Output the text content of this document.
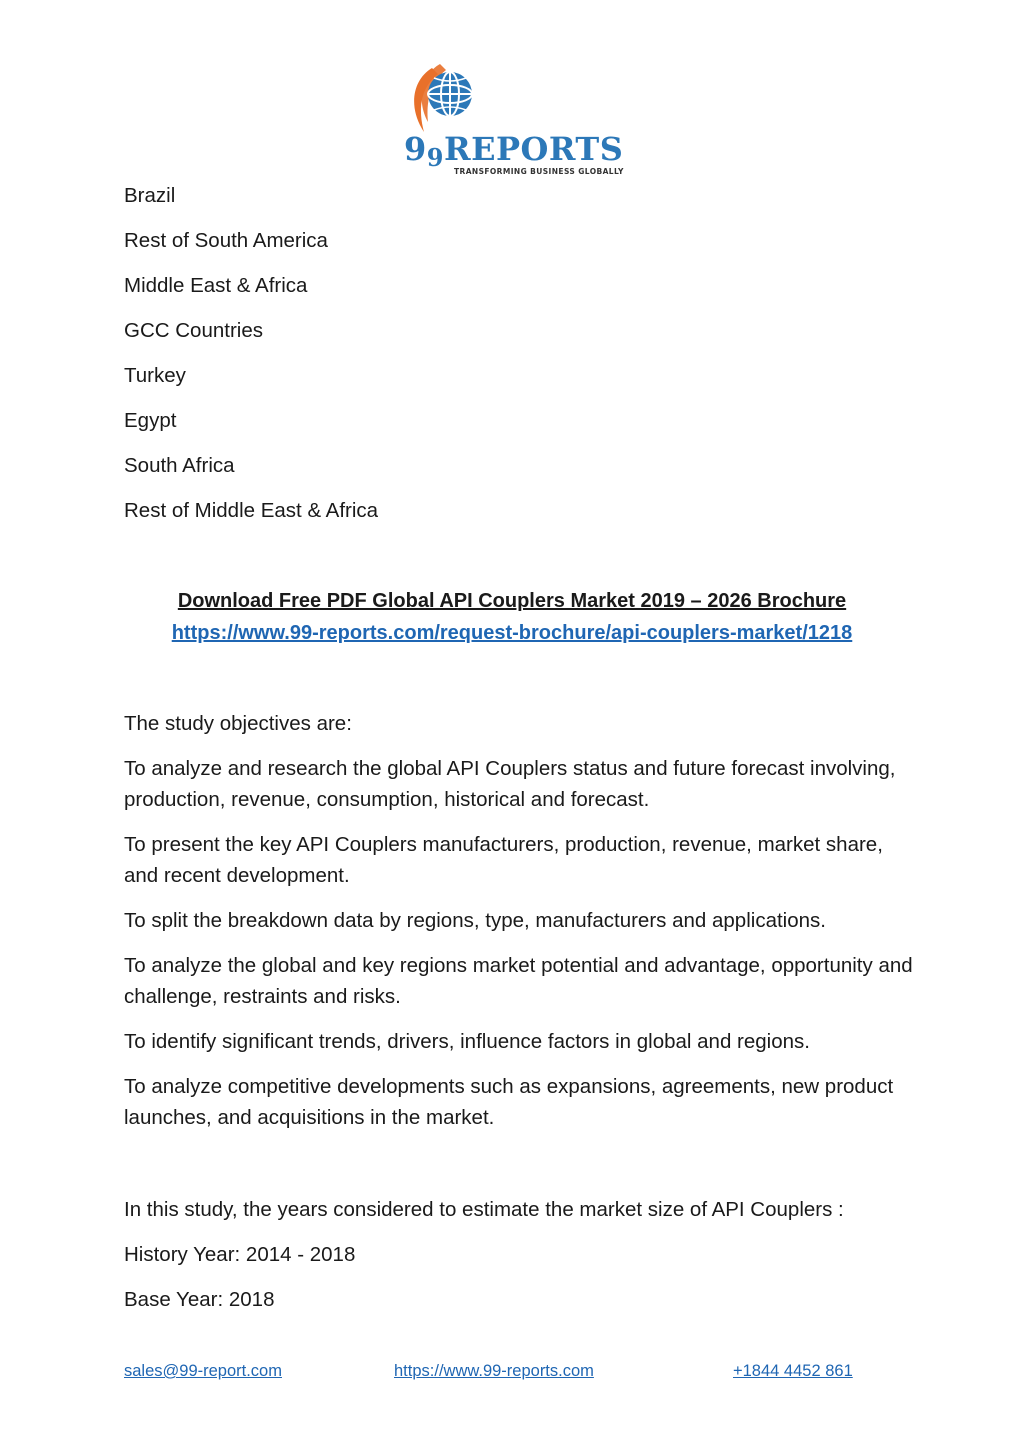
99REPORTS
TRANSFORMING BUSINESS GLOBALLY
Brazil
Rest of South America
Middle East & Africa
GCC Countries
Turkey
Egypt
South Africa
Rest of Middle East & Africa
Download Free PDF Global API Couplers Market 2019 – 2026 Brochure
https://www.99-reports.com/request-brochure/api-couplers-market/1218
The study objectives are:
To analyze and research the global API Couplers status and future forecast involving, production, revenue, consumption, historical and forecast.
To present the key API Couplers manufacturers, production, revenue, market share, and recent development.
To split the breakdown data by regions, type, manufacturers and applications.
To analyze the global and key regions market potential and advantage, opportunity and challenge, restraints and risks.
To identify significant trends, drivers, influence factors in global and regions.
To analyze competitive developments such as expansions, agreements, new product launches, and acquisitions in the market.
In this study, the years considered to estimate the market size of API Couplers :
History Year: 2014 - 2018
Base Year: 2018
sales@99-report.com	https://www.99-reports.com	+1844 4452 861
